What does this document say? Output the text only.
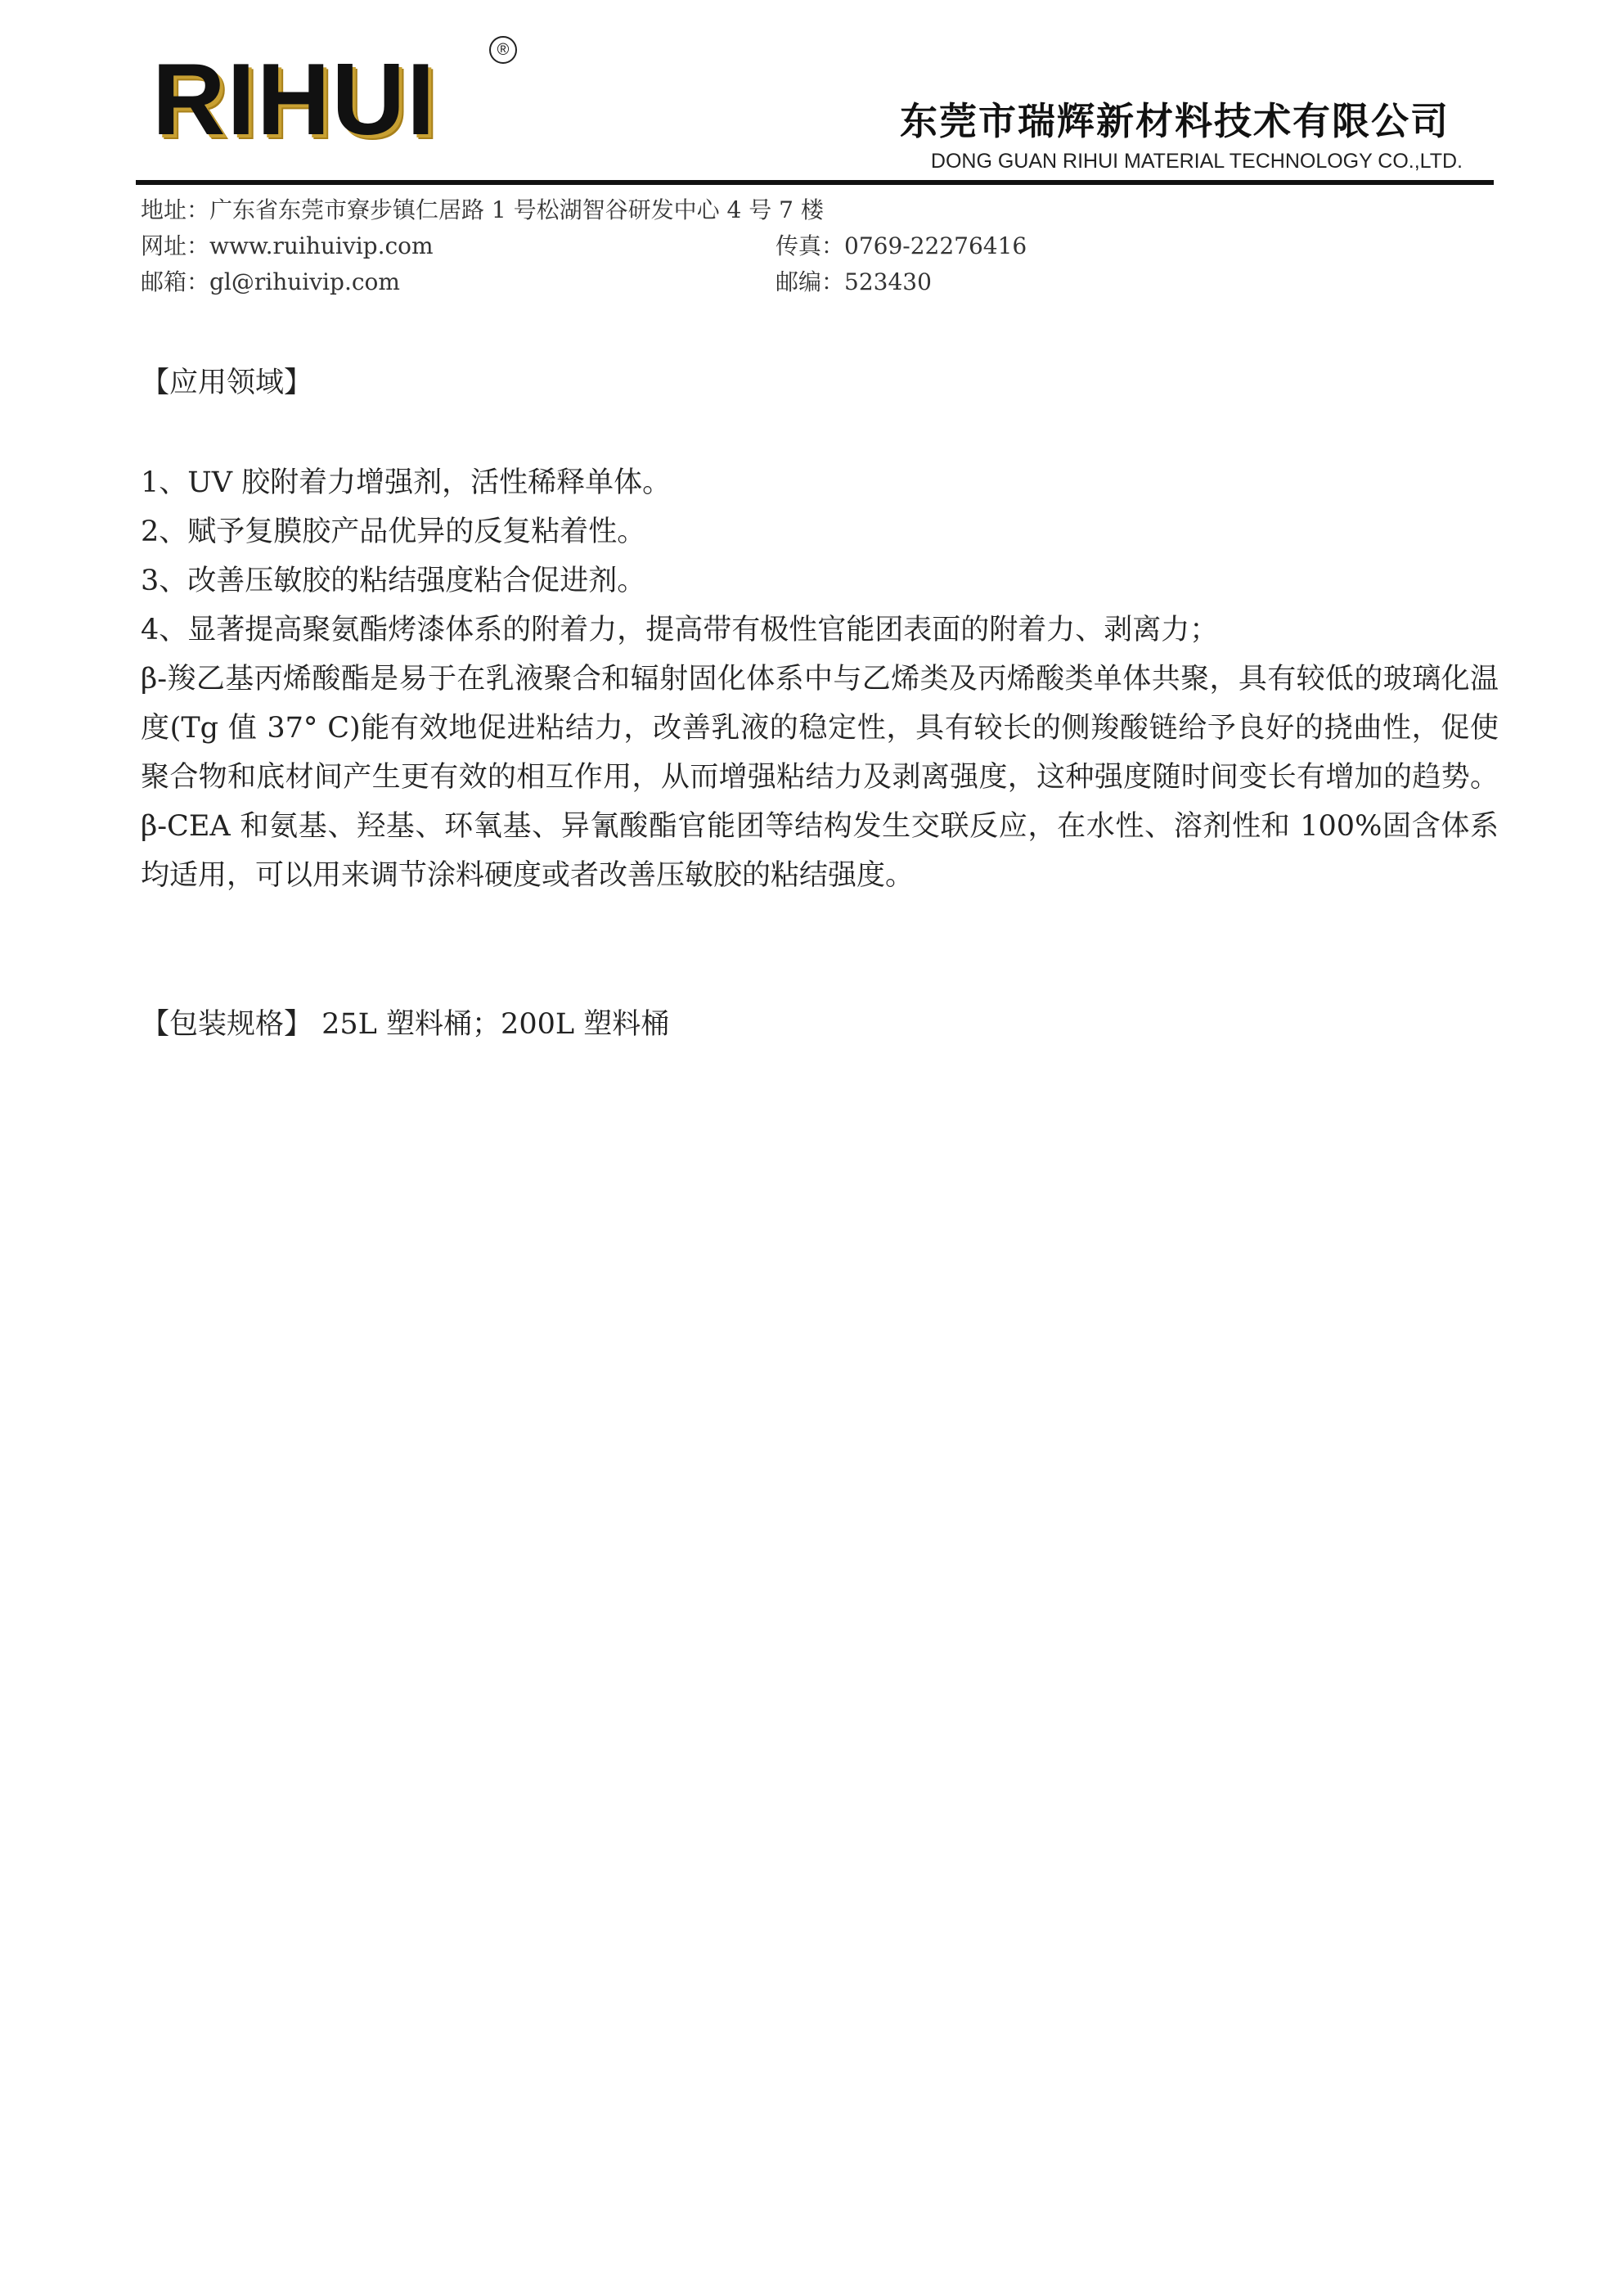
RIHUI	®
东莞市瑞辉新材料技术有限公司
DONG GUAN RIHUI MATERIAL TECHNOLOGY CO.,LTD.
地址：广东省东莞市寮步镇仁居路 1 号松湖智谷研发中心 4 号 7 楼
网址：www.ruihuivip.com	传真：0769-22276416
邮箱：gl@rihuivip.com	邮编：523430
【应用领域】
1、UV 胶附着力增强剂，活性稀释单体。
2、赋予复膜胶产品优异的反复粘着性。
3、改善压敏胶的粘结强度粘合促进剂。
4、显著提高聚氨酯烤漆体系的附着力，提高带有极性官能团表面的附着力、剥离力；
β-羧乙基丙烯酸酯是易于在乳液聚合和辐射固化体系中与乙烯类及丙烯酸类单体共聚，具有较低的玻璃化温度(Tg 值 37° C)能有效地促进粘结力，改善乳液的稳定性，具有较长的侧羧酸链给予良好的挠曲性，促使聚合物和底材间产生更有效的相互作用，从而增强粘结力及剥离强度，这种强度随时间变长有增加的趋势。β-CEA 和氨基、羟基、环氧基、异氰酸酯官能团等结构发生交联反应，在水性、溶剂性和 100%固含体系均适用，可以用来调节涂料硬度或者改善压敏胶的粘结强度。
【包装规格】 25L 塑料桶；200L 塑料桶
